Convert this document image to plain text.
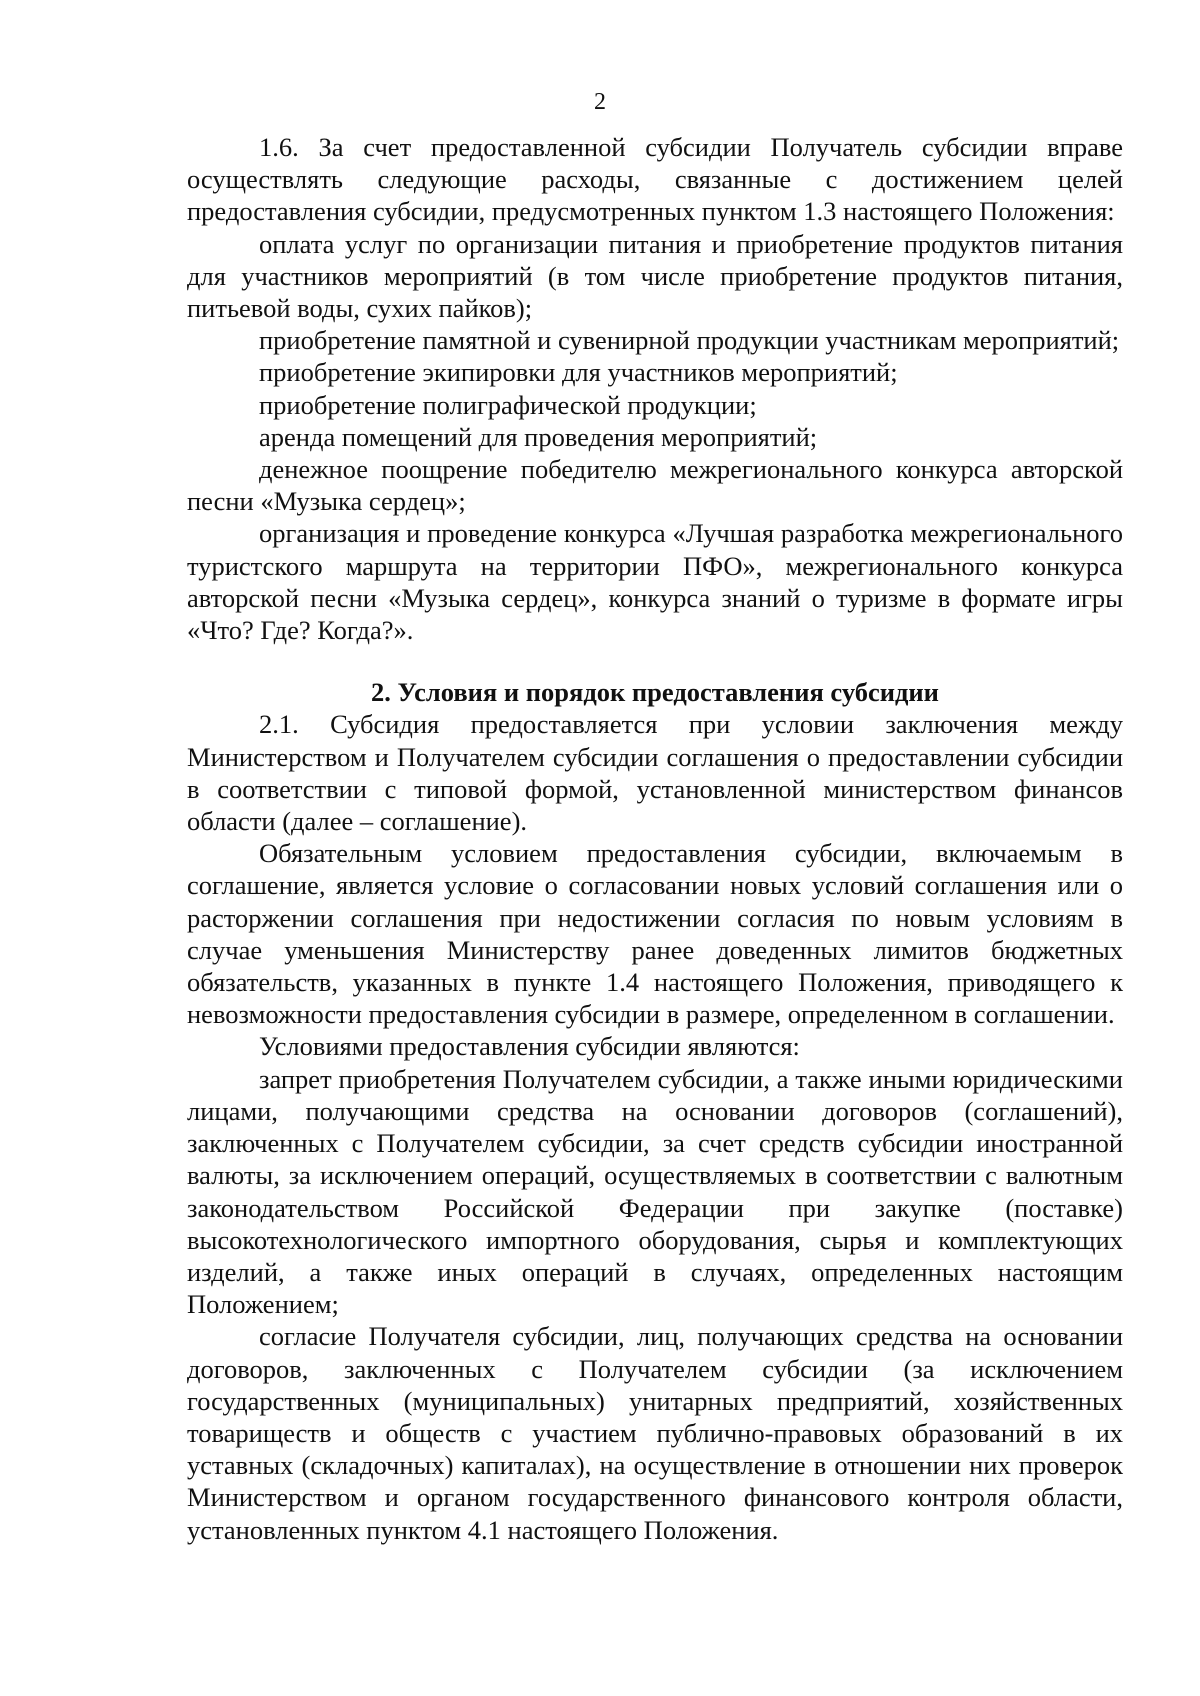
2

1.6. За счет предоставленной субсидии Получатель субсидии вправе осуществлять следующие расходы, связанные с достижением целей предоставления субсидии, предусмотренных пунктом 1.3 настоящего Положения:

оплата услуг по организации питания и приобретение продуктов питания для участников мероприятий (в том числе приобретение продуктов питания, питьевой воды, сухих пайков);

приобретение памятной и сувенирной продукции участникам мероприятий;

приобретение экипировки для участников мероприятий;

приобретение полиграфической продукции;

аренда помещений для проведения мероприятий;

денежное поощрение победителю межрегионального конкурса авторской песни «Музыка сердец»;

организация и проведение конкурса «Лучшая разработка межрегионального туристского маршрута на территории ПФО», межрегионального конкурса авторской песни «Музыка сердец», конкурса знаний о туризме в формате игры «Что? Где? Когда?».

2. Условия и порядок предоставления субсидии

2.1. Субсидия предоставляется при условии заключения между Министерством и Получателем субсидии соглашения о предоставлении субсидии в соответствии с типовой формой, установленной министерством финансов области (далее – соглашение).

Обязательным условием предоставления субсидии, включаемым в соглашение, является условие о согласовании новых условий соглашения или о расторжении соглашения при недостижении согласия по новым условиям в случае уменьшения Министерству ранее доведенных лимитов бюджетных обязательств, указанных в пункте 1.4 настоящего Положения, приводящего к невозможности предоставления субсидии в размере, определенном в соглашении.

Условиями предоставления субсидии являются:

запрет приобретения Получателем субсидии, а также иными юридическими лицами, получающими средства на основании договоров (соглашений), заключенных с Получателем субсидии, за счет средств субсидии иностранной валюты, за исключением операций, осуществляемых в соответствии с валютным законодательством Российской Федерации при закупке (поставке) высокотехнологического импортного оборудования, сырья и комплектующих изделий, а также иных операций в случаях, определенных настоящим Положением;

согласие Получателя субсидии, лиц, получающих средства на основании договоров, заключенных с Получателем субсидии (за исключением государственных (муниципальных) унитарных предприятий, хозяйственных товариществ и обществ с участием публично-правовых образований в их уставных (складочных) капиталах), на осуществление в отношении них проверок Министерством и органом государственного финансового контроля области, установленных пунктом 4.1 настоящего Положения.
